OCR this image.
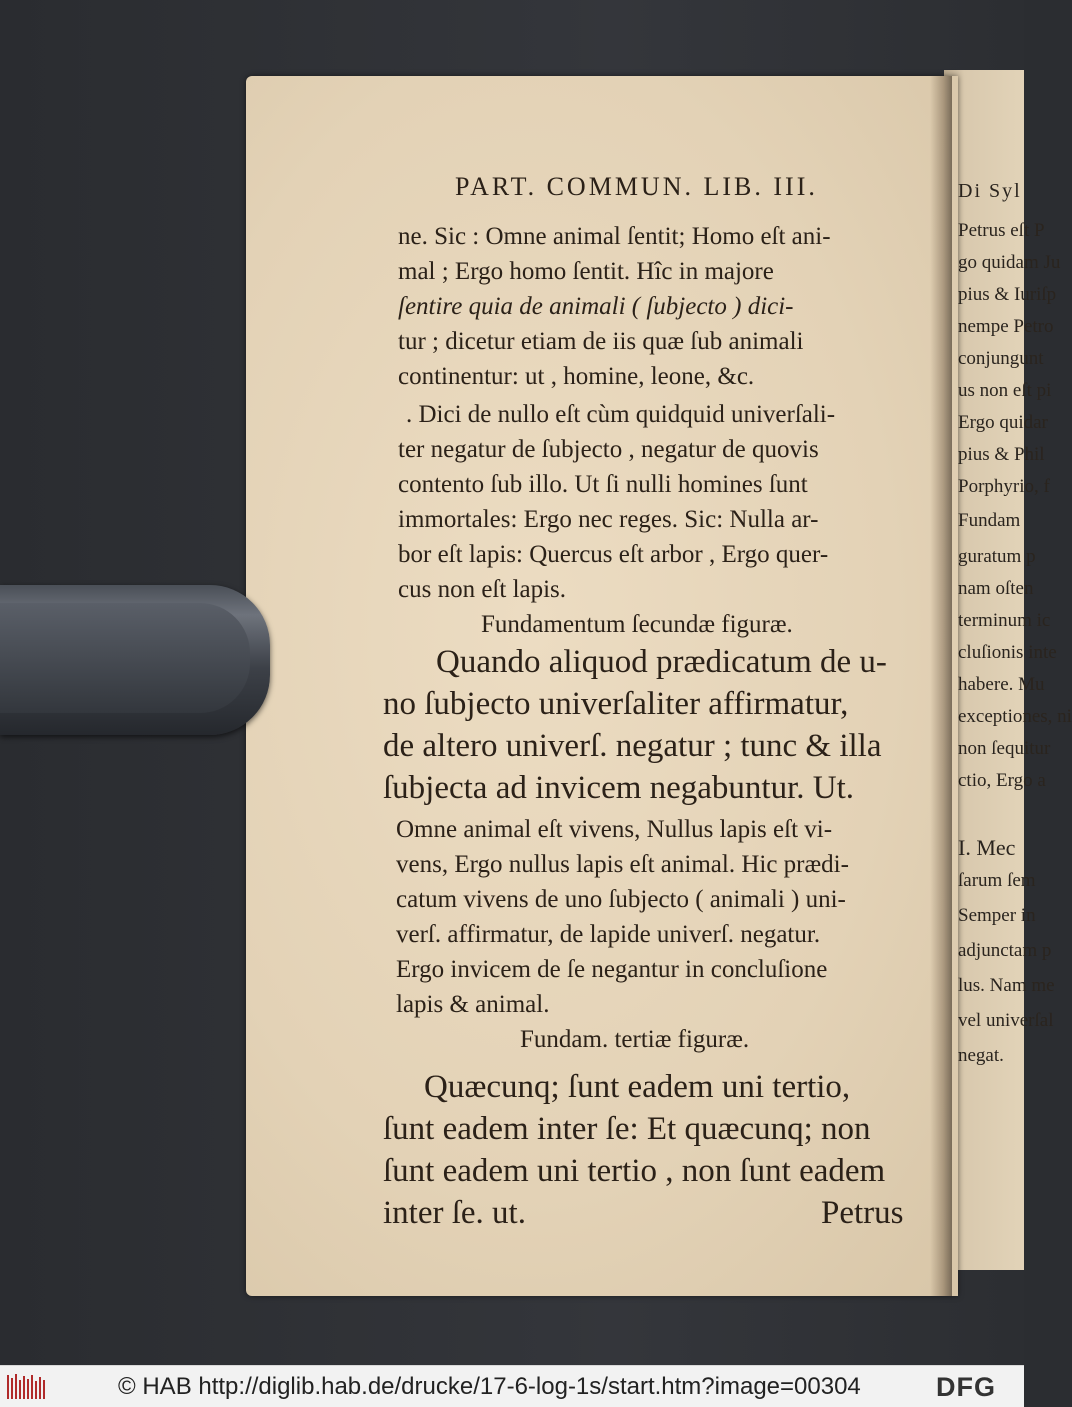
Di Syl
Petrus eſt P
go quidam Ju
pius & Iuriſp
nempe Petro
conjungunt
us non eſt pi
Ergo quidar
pius & Phil
Porphyrio, f
Fundam
guratum p
nam oſten
terminum ic
cluſionis inte
habere. Mu
exceptiones, ni
non ſequitur
ctio, Ergo a
I. Mec
ſarum ſem
Semper in
adjunctam p
lus. Nam me
vel univerſal
negat.
PART. COMMUN. LIB. III.
ne. Sic : Omne animal ſentit; Homo eſt ani-
mal ; Ergo homo ſentit. Hîc in majore
ſentire quia de animali ( ſubjecto ) dici-
tur ; dicetur etiam de iis quæ ſub animali
continentur: ut , homine, leone, &c.
. Dici de nullo eſt cùm quidquid univerſali-
ter negatur de ſubjecto , negatur de quovis
contento ſub illo. Ut ſi nulli homines ſunt
immortales: Ergo nec reges. Sic: Nulla ar-
bor eſt lapis: Quercus eſt arbor , Ergo quer-
cus non eſt lapis.
Fundamentum ſecundæ figuræ.
Quando aliquod prædicatum de u-
no ſubjecto univerſaliter affirmatur,
de altero univerſ. negatur ; tunc & illa
ſubjecta ad invicem negabuntur. Ut.
Omne animal eſt vivens, Nullus lapis eſt vi-
vens, Ergo nullus lapis eſt animal. Hic prædi-
catum vivens de uno ſubjecto ( animali ) uni-
verſ. affirmatur, de lapide univerſ. negatur.
Ergo invicem de ſe negantur in concluſione
lapis & animal.
Fundam. tertiæ figuræ.
Quæcunq; ſunt eadem uni tertio,
ſunt eadem inter ſe: Et quæcunq; non
ſunt eadem uni tertio , non ſunt eadem
inter ſe. ut.	Petrus
© HAB http://diglib.hab.de/drucke/17-6-log-1s/start.htm?image=00304	DFG
